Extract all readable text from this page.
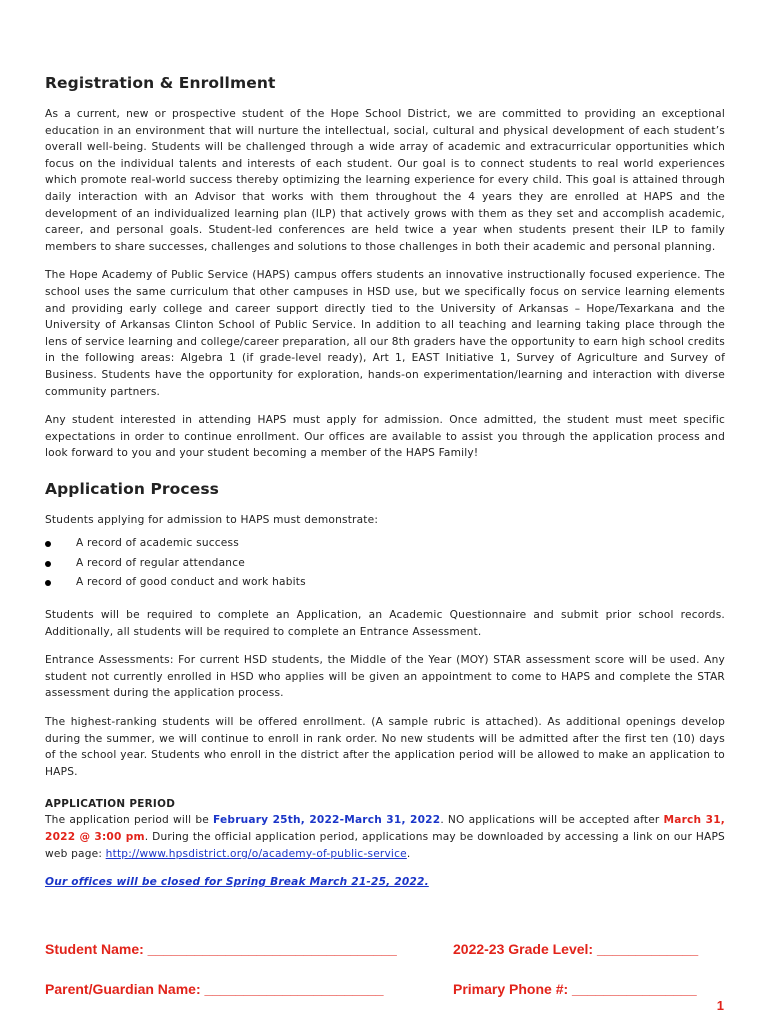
Registration & Enrollment

As a current, new or prospective student of the Hope School District, we are committed to providing an exceptional education in an environment that will nurture the intellectual, social, cultural and physical development of each student’s overall well-being. Students will be challenged through a wide array of academic and extracurricular opportunities which focus on the individual talents and interests of each student. Our goal is to connect students to real world experiences which promote real-world success thereby optimizing the learning experience for every child. This goal is attained through daily interaction with an Advisor that works with them throughout the 4 years they are enrolled at HAPS and the development of an individualized learning plan (ILP) that actively grows with them as they set and accomplish academic, career, and personal goals. Student-led conferences are held twice a year when students present their ILP to family members to share successes, challenges and solutions to those challenges in both their academic and personal planning.

The Hope Academy of Public Service (HAPS) campus offers students an innovative instructionally focused experience. The school uses the same curriculum that other campuses in HSD use, but we specifically focus on service learning elements and providing early college and career support directly tied to the University of Arkansas – Hope/Texarkana and the University of Arkansas Clinton School of Public Service. In addition to all teaching and learning taking place through the lens of service learning and college/career preparation, all our 8th graders have the opportunity to earn high school credits in the following areas: Algebra 1 (if grade-level ready), Art 1, EAST Initiative 1, Survey of Agriculture and Survey of Business. Students have the opportunity for exploration, hands-on experimentation/learning and interaction with diverse community partners.

Any student interested in attending HAPS must apply for admission. Once admitted, the student must meet specific expectations in order to continue enrollment. Our offices are available to assist you through the application process and look forward to you and your student becoming a member of the HAPS Family!

Application Process

Students applying for admission to HAPS must demonstrate:

A record of academic success
A record of regular attendance
A record of good conduct and work habits

Students will be required to complete an Application, an Academic Questionnaire and submit prior school records. Additionally, all students will be required to complete an Entrance Assessment.

Entrance Assessments: For current HSD students, the Middle of the Year (MOY) STAR assessment score will be used. Any student not currently enrolled in HSD who applies will be given an appointment to come to HAPS and complete the STAR assessment during the application process.

The highest-ranking students will be offered enrollment. (A sample rubric is attached). As additional openings develop during the summer, we will continue to enroll in rank order. No new students will be admitted after the first ten (10) days of the school year. Students who enroll in the district after the application period will be allowed to make an application to HAPS.

APPLICATION PERIOD

The application period will be February 25th, 2022-March 31, 2022. NO applications will be accepted after March 31, 2022 @ 3:00 pm. During the official application period, applications may be downloaded by accessing a link on our HAPS web page: http://www.hpsdistrict.org/o/academy-of-public-service.

Our offices will be closed for Spring Break March 21-25, 2022.

Student Name: ________________________________	2022-23 Grade Level: _____________
Parent/Guardian Name: _______________________	Primary Phone #: ________________
1
